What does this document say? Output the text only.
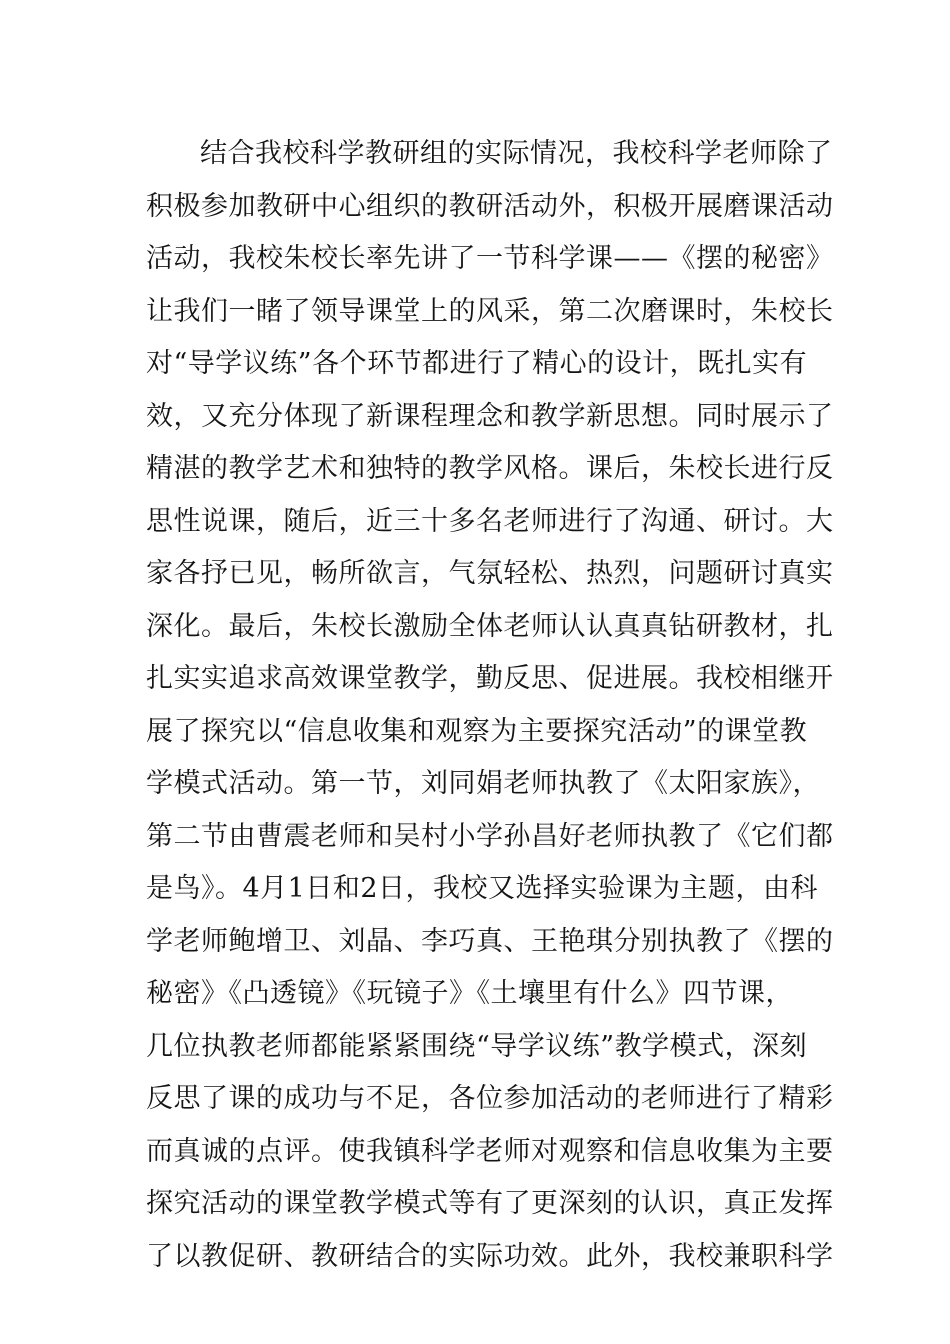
结合我校科学教研组的实际情况，我校科学老师除了
积极参加教研中心组织的教研活动外，积极开展磨课活动
活动，我校朱校长率先讲了一节科学课——《摆的秘密》
让我们一睹了领导课堂上的风采，第二次磨课时，朱校长
对“导学议练”各个环节都进行了精心的设计，既扎实有
效，又充分体现了新课程理念和教学新思想。同时展示了
精湛的教学艺术和独特的教学风格。课后，朱校长进行反
思性说课，随后，近三十多名老师进行了沟通、研讨。大
家各抒已见，畅所欲言，气氛轻松、热烈，问题研讨真实
深化。最后，朱校长激励全体老师认认真真钻研教材，扎
扎实实追求高效课堂教学，勤反思、促进展。我校相继开
展了探究以“信息收集和观察为主要探究活动”的课堂教
学模式活动。第一节，刘同娟老师执教了《太阳家族》，
第二节由曹震老师和吴村小学孙昌好老师执教了《它们都
是鸟》。4月1日和2日，我校又选择实验课为主题，由科
学老师鲍增卫、刘晶、李巧真、王艳琪分别执教了《摆的
秘密》《凸透镜》《玩镜子》《土壤里有什么》四节课，
几位执教老师都能紧紧围绕“导学议练”教学模式，深刻
反思了课的成功与不足，各位参加活动的老师进行了精彩
而真诚的点评。使我镇科学老师对观察和信息收集为主要
探究活动的课堂教学模式等有了更深刻的认识，真正发挥
了以教促研、教研结合的实际功效。此外，我校兼职科学
